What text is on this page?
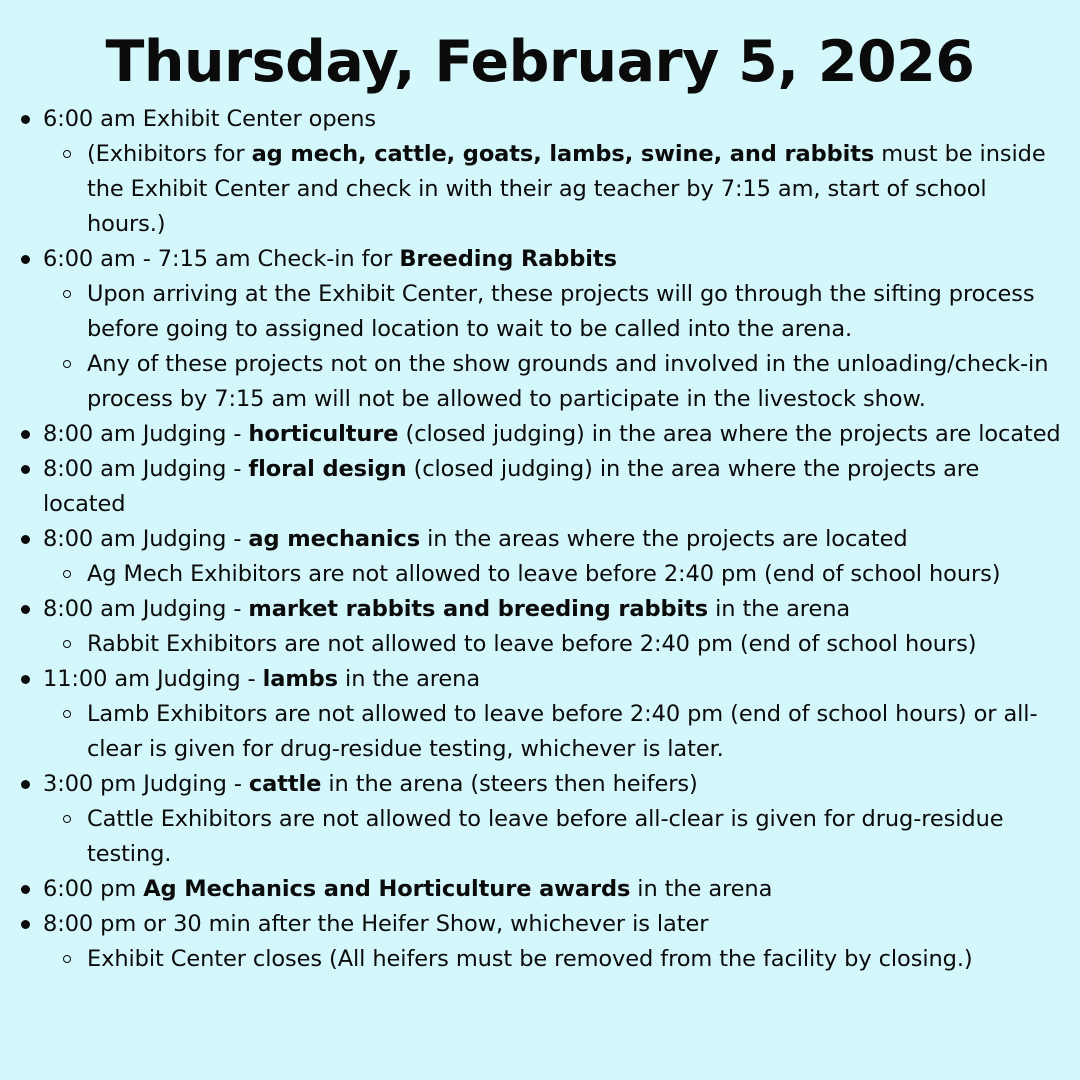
Thursday, February 5, 2026
6:00 am Exhibit Center opens
(Exhibitors for ag mech, cattle, goats, lambs, swine, and rabbits must be inside the Exhibit Center and check in with their ag teacher by 7:15 am, start of school hours.)
6:00 am - 7:15 am Check-in for Breeding Rabbits
Upon arriving at the Exhibit Center, these projects will go through the sifting process before going to assigned location to wait to be called into the arena.
Any of these projects not on the show grounds and involved in the unloading/check-in process by 7:15 am will not be allowed to participate in the livestock show.
8:00 am Judging - horticulture (closed judging) in the area where the projects are located
8:00 am Judging - floral design (closed judging) in the area where the projects are located
8:00 am Judging - ag mechanics in the areas where the projects are located
Ag Mech Exhibitors are not allowed to leave before 2:40 pm (end of school hours)
8:00 am Judging - market rabbits and breeding rabbits in the arena
Rabbit Exhibitors are not allowed to leave before 2:40 pm (end of school hours)
11:00 am Judging - lambs in the arena
Lamb Exhibitors are not allowed to leave before 2:40 pm (end of school hours) or all-clear is given for drug-residue testing, whichever is later.
3:00 pm Judging - cattle in the arena (steers then heifers)
Cattle Exhibitors are not allowed to leave before all-clear is given for drug-residue testing.
6:00 pm Ag Mechanics and Horticulture awards in the arena
8:00 pm or 30 min after the Heifer Show, whichever is later
Exhibit Center closes (All heifers must be removed from the facility by closing.)
